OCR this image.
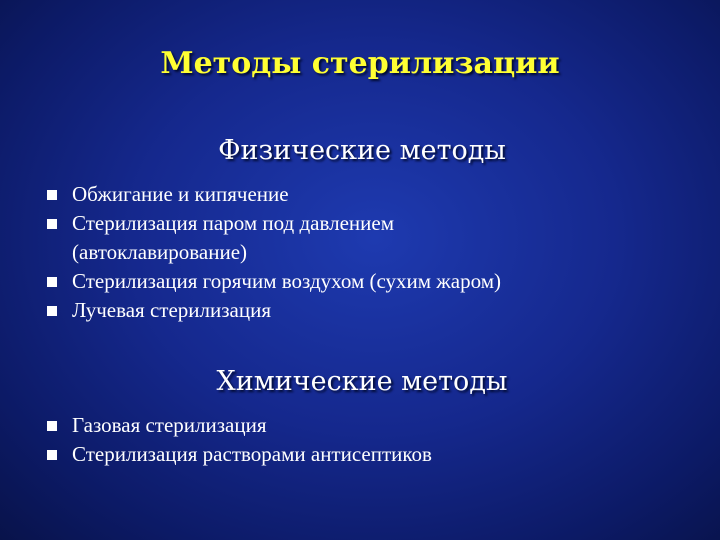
Методы стерилизации
Физические методы
Обжигание и кипячение
Стерилизация паром под давлением (автоклавирование)
Стерилизация горячим воздухом (сухим жаром)
Лучевая стерилизация
Химические методы
Газовая стерилизация
Стерилизация растворами антисептиков
